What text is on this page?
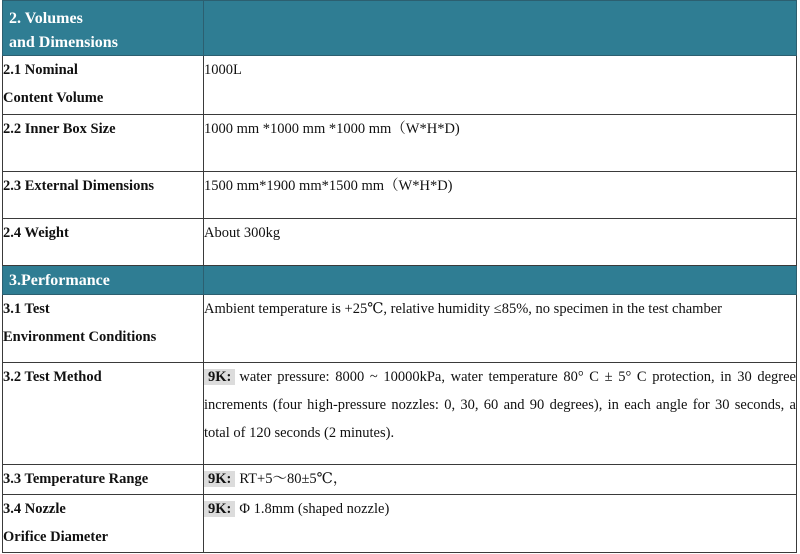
2. Volumes
and Dimensions	

2.1 Nominal
Content Volume	1000L
2.2 Inner Box Size	1000 mm *1000 mm *1000 mm（W*H*D)
2.3 External Dimensions	1500 mm*1900 mm*1500 mm（W*H*D)
2.4 Weight	About 300kg
3.Performance	

3.1 Test
Environment Conditions	Ambient temperature is +25℃, relative humidity ≤85%, no specimen in the test chamber
3.2 Test Method	9K: water pressure: 8000 ~ 10000kPa, water temperature 80° C ± 5° C protection, in 30 degree increments (four high-pressure nozzles: 0, 30, 60 and 90 degrees), in each angle for 30 seconds, a total of 120 seconds (2 minutes).
3.3 Temperature Range	9K: RT+5～80±5℃，

3.4 Nozzle
Orifice Diameter	9K: Φ 1.8mm (shaped nozzle)
